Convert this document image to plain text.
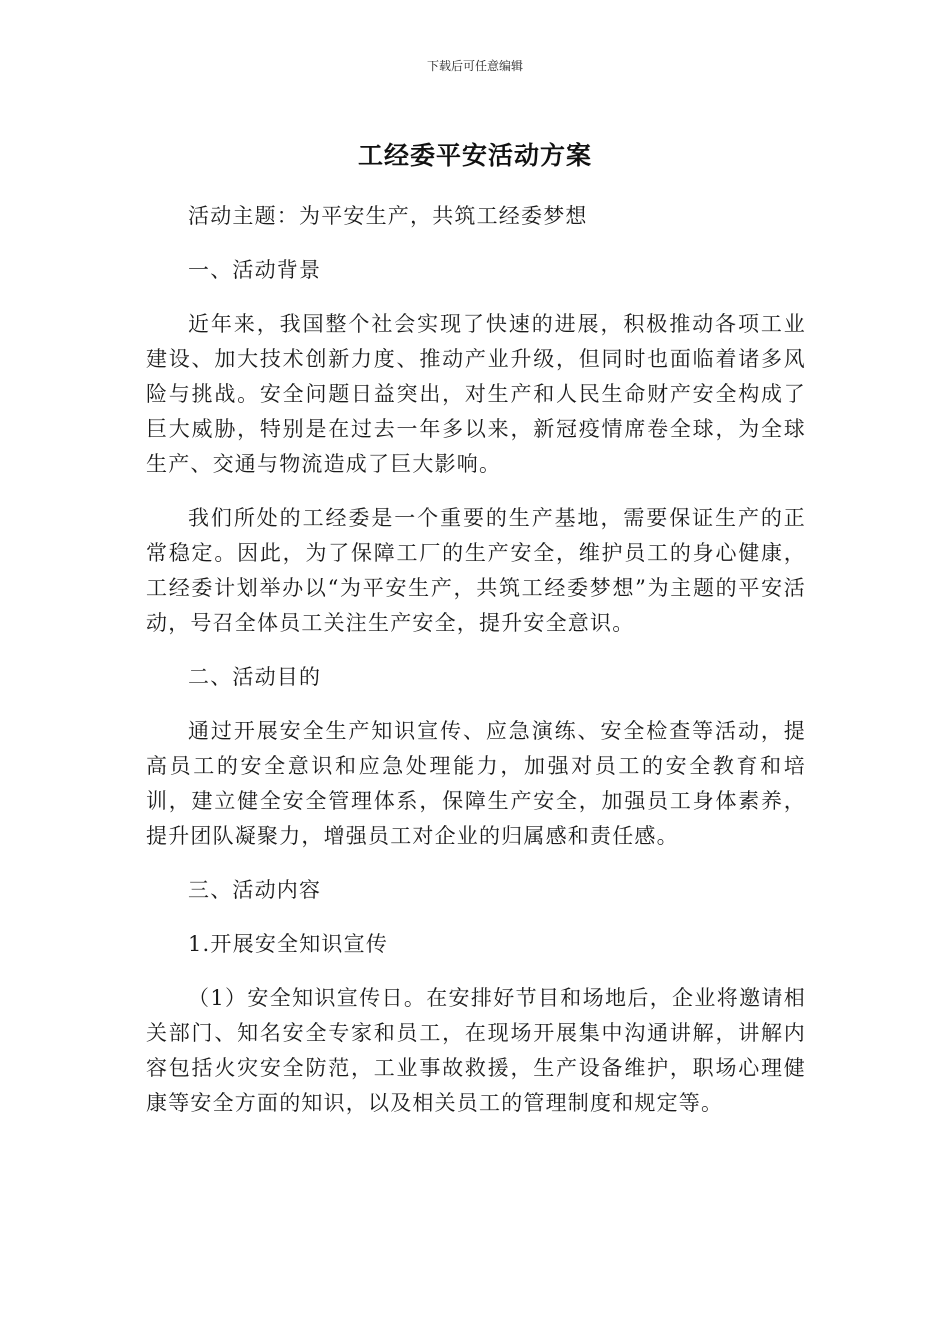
下载后可任意编辑
工经委平安活动方案

活动主题：为平安生产，共筑工经委梦想

一、活动背景

近年来，我国整个社会实现了快速的进展，积极推动各项工业建设、加大技术创新力度、推动产业升级，但同时也面临着诸多风险与挑战。安全问题日益突出，对生产和人民生命财产安全构成了巨大威胁，特别是在过去一年多以来，新冠疫情席卷全球，为全球生产、交通与物流造成了巨大影响。

我们所处的工经委是一个重要的生产基地，需要保证生产的正常稳定。因此，为了保障工厂的生产安全，维护员工的身心健康，工经委计划举办以“为平安生产，共筑工经委梦想”为主题的平安活动，号召全体员工关注生产安全，提升安全意识。

二、活动目的

通过开展安全生产知识宣传、应急演练、安全检查等活动，提高员工的安全意识和应急处理能力，加强对员工的安全教育和培训，建立健全安全管理体系，保障生产安全，加强员工身体素养，提升团队凝聚力，增强员工对企业的归属感和责任感。

三、活动内容

1.开展安全知识宣传

（1）安全知识宣传日。在安排好节目和场地后，企业将邀请相关部门、知名安全专家和员工，在现场开展集中沟通讲解，讲解内容包括火灾安全防范，工业事故救援，生产设备维护，职场心理健康等安全方面的知识，以及相关员工的管理制度和规定等。
